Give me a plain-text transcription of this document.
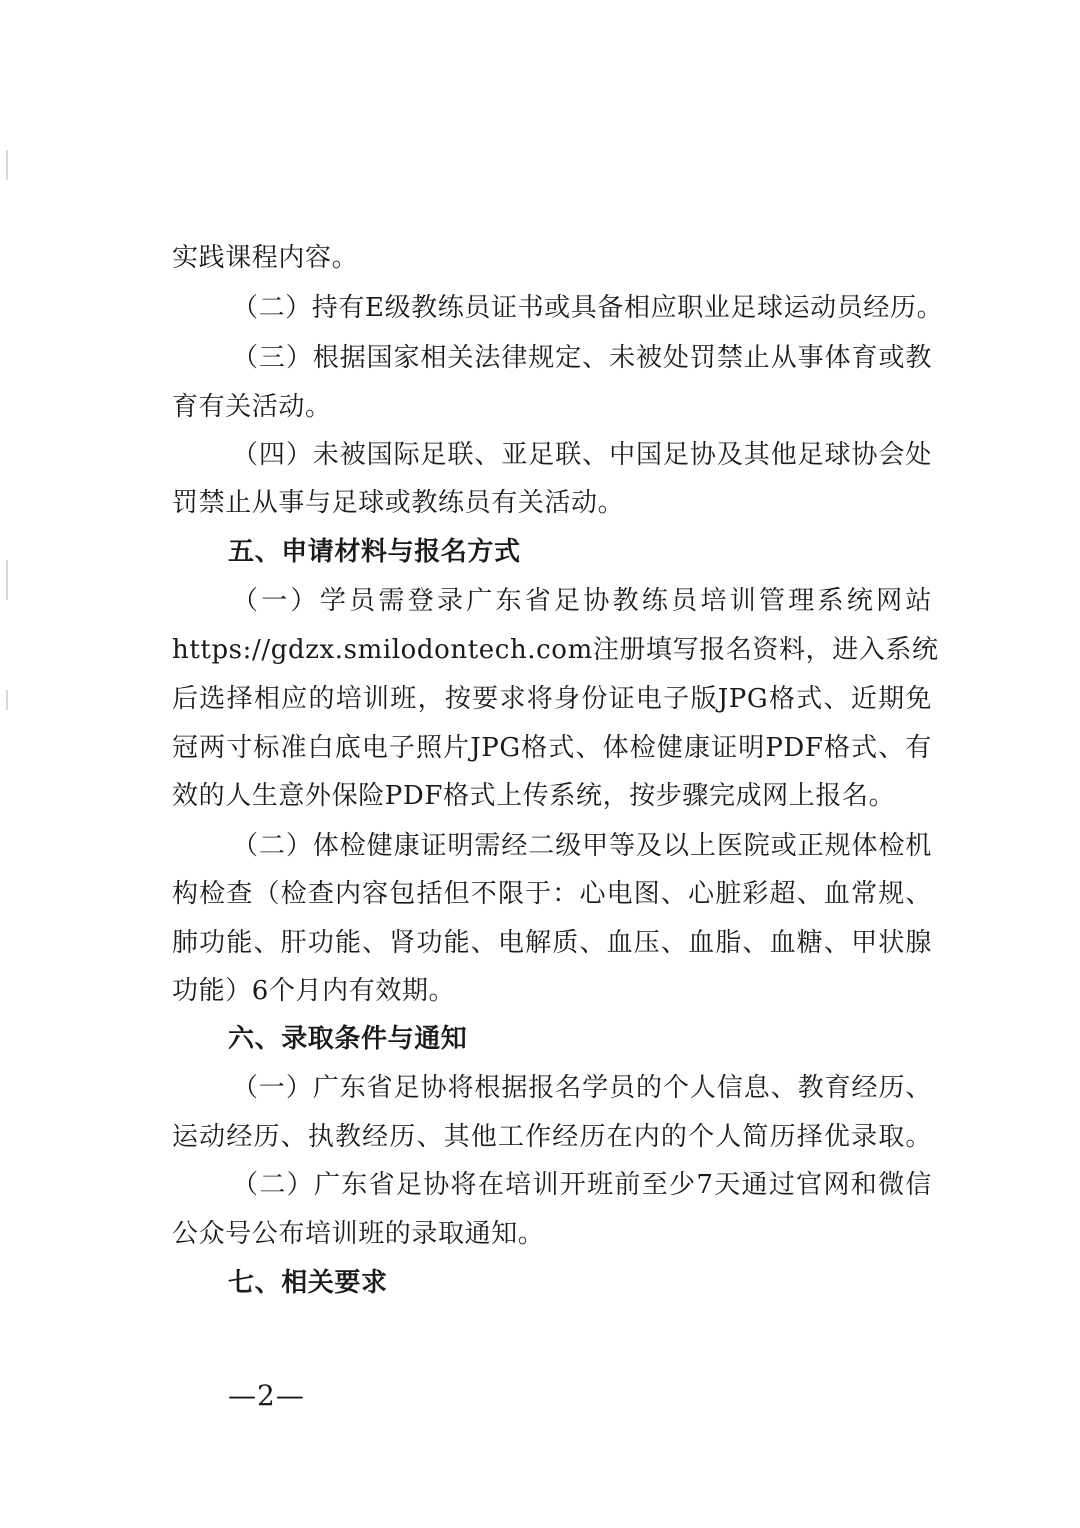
实践课程内容。
（二）持有E级教练员证书或具备相应职业足球运动员经历。
（三）根据国家相关法律规定、未被处罚禁止从事体育或教
育有关活动。
（四）未被国际足联、亚足联、中国足协及其他足球协会处
罚禁止从事与足球或教练员有关活动。
五、申请材料与报名方式
（一）学员需登录广东省足协教练员培训管理系统网站
https://gdzx.smilodontech.com注册填写报名资料，进入系统
后选择相应的培训班，按要求将身份证电子版JPG格式、近期免
冠两寸标准白底电子照片JPG格式、体检健康证明PDF格式、有
效的人生意外保险PDF格式上传系统，按步骤完成网上报名。
（二）体检健康证明需经二级甲等及以上医院或正规体检机
构检查（检查内容包括但不限于：心电图、心脏彩超、血常规、
肺功能、肝功能、肾功能、电解质、血压、血脂、血糖、甲状腺
功能）6个月内有效期。
六、录取条件与通知
（一）广东省足协将根据报名学员的个人信息、教育经历、
运动经历、执教经历、其他工作经历在内的个人简历择优录取。
（二）广东省足协将在培训开班前至少7天通过官网和微信
公众号公布培训班的录取通知。
七、相关要求
—2—
